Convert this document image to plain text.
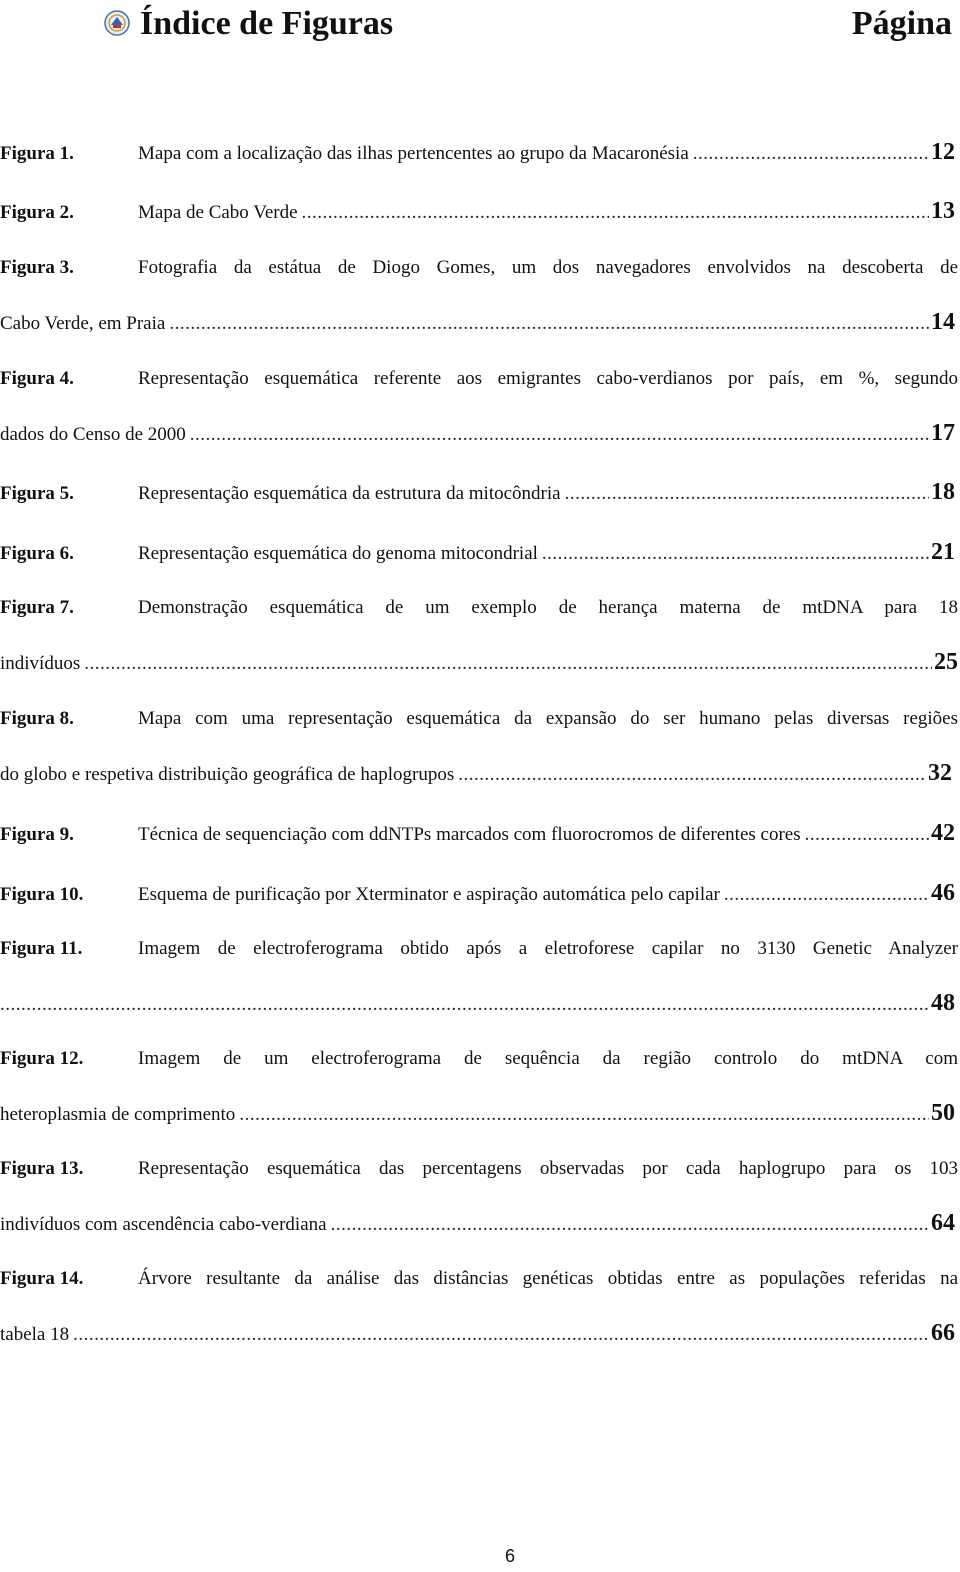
Índice de Figuras	Página
Figura 1.	Mapa com a localização das ilhas pertencentes ao grupo da Macaronésia .....	12
Figura 2.	Mapa de Cabo Verde .....	13
Figura 3.	Fotografia da estátua de Diogo Gomes, um dos navegadores envolvidos na descoberta de
Cabo Verde, em Praia .....	14
Figura 4.	Representação esquemática referente aos emigrantes cabo-verdianos por país, em %, segundo
dados do Censo de 2000 .....	17
Figura 5.	Representação esquemática da estrutura da mitocôndria .....	18
Figura 6.	Representação esquemática do genoma mitocondrial .....	21
Figura 7.	Demonstração esquemática de um exemplo de herança materna de mtDNA para 18
indivíduos .....	25
Figura 8.	Mapa com uma representação esquemática da expansão do ser humano pelas diversas regiões
do globo e respetiva distribuição geográfica de haplogrupos .....	32
Figura 9.	Técnica de sequenciação com ddNTPs marcados com fluorocromos de diferentes cores .....	42
Figura 10.	Esquema de purificação por Xterminator e aspiração automática pelo capilar .....	46
Figura 11.	Imagem de electroferograma obtido após a eletroforese capilar no 3130 Genetic Analyzer
.....
48
Figura 12.	Imagem de um electroferograma de sequência da região controlo do mtDNA com
heteroplasmia de comprimento .....	50
Figura 13.	Representação esquemática das percentagens observadas por cada haplogrupo para os 103
indivíduos com ascendência cabo-verdiana .....	64
Figura 14.	Árvore resultante da análise das distâncias genéticas obtidas entre as populações referidas na
tabela 18 .....	66
6
